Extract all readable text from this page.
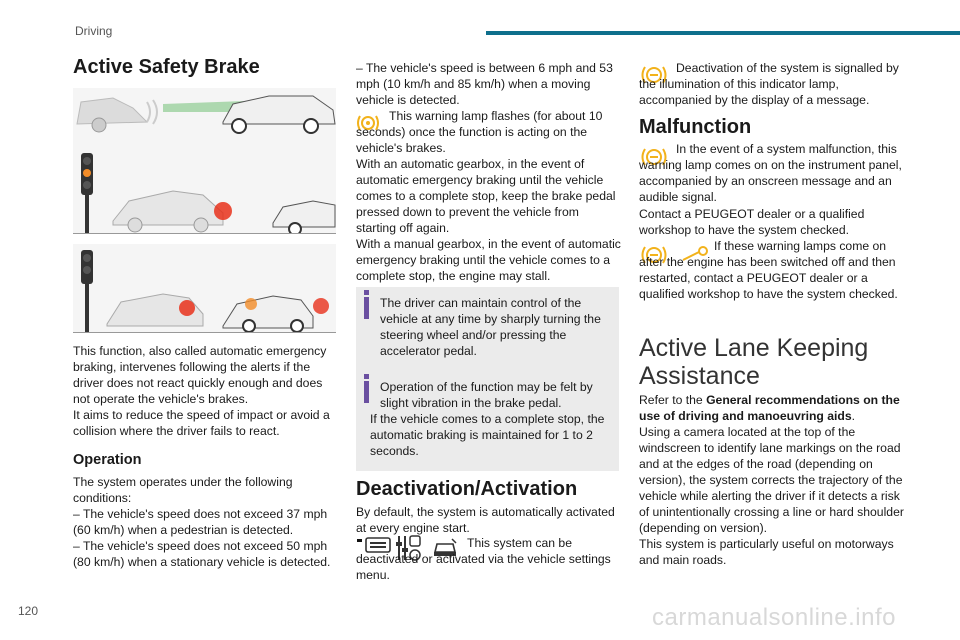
Driving
120
Active Safety Brake

This function, also called automatic emergency braking, intervenes following the alerts if the driver does not react quickly enough and does not operate the vehicle's brakes.

It aims to reduce the speed of impact or avoid a collision where the driver fails to react.

Operation

The system operates under the following conditions:

– The vehicle's speed does not exceed 37 mph (60 km/h) when a pedestrian is detected.

– The vehicle's speed does not exceed 50 mph (80 km/h) when a stationary vehicle is detected.

– The vehicle's speed is between 6 mph and 53 mph (10 km/h and 85 km/h) when a moving vehicle is detected.

This warning lamp flashes (for about 10 seconds) once the function is acting on the vehicle's brakes.

With an automatic gearbox, in the event of automatic emergency braking until the vehicle comes to a complete stop, keep the brake pedal pressed down to prevent the vehicle from starting off again.

With a manual gearbox, in the event of automatic emergency braking until the vehicle comes to a complete stop, the engine may stall.

The driver can maintain control of the vehicle at any time by sharply turning the steering wheel and/or pressing the accelerator pedal.

Operation of the function may be felt by slight vibration in the brake pedal.

If the vehicle comes to a complete stop, the automatic braking is maintained for 1 to 2 seconds.

Deactivation/Activation

By default, the system is automatically activated at every engine start.

This system can be deactivated or activated via the vehicle settings menu.

Deactivation of the system is signalled by the illumination of this indicator lamp, accompanied by the display of a message.

Malfunction

In the event of a system malfunction, this warning lamp comes on on the instrument panel, accompanied by an onscreen message and an audible signal.

Contact a PEUGEOT dealer or a qualified workshop to have the system checked.

If these warning lamps come on after the engine has been switched off and then restarted, contact a PEUGEOT dealer or a qualified workshop to have the system checked.

Active Lane Keeping Assistance

Refer to the General recommendations on the use of driving and manoeuvring aids.

Using a camera located at the top of the windscreen to identify lane markings on the road and at the edges of the road (depending on version), the system corrects the trajectory of the vehicle while alerting the driver if it detects a risk of unintentionally crossing a line or hard shoulder (depending on version).

This system is particularly useful on motorways and main roads.

carmanualsonline.info
